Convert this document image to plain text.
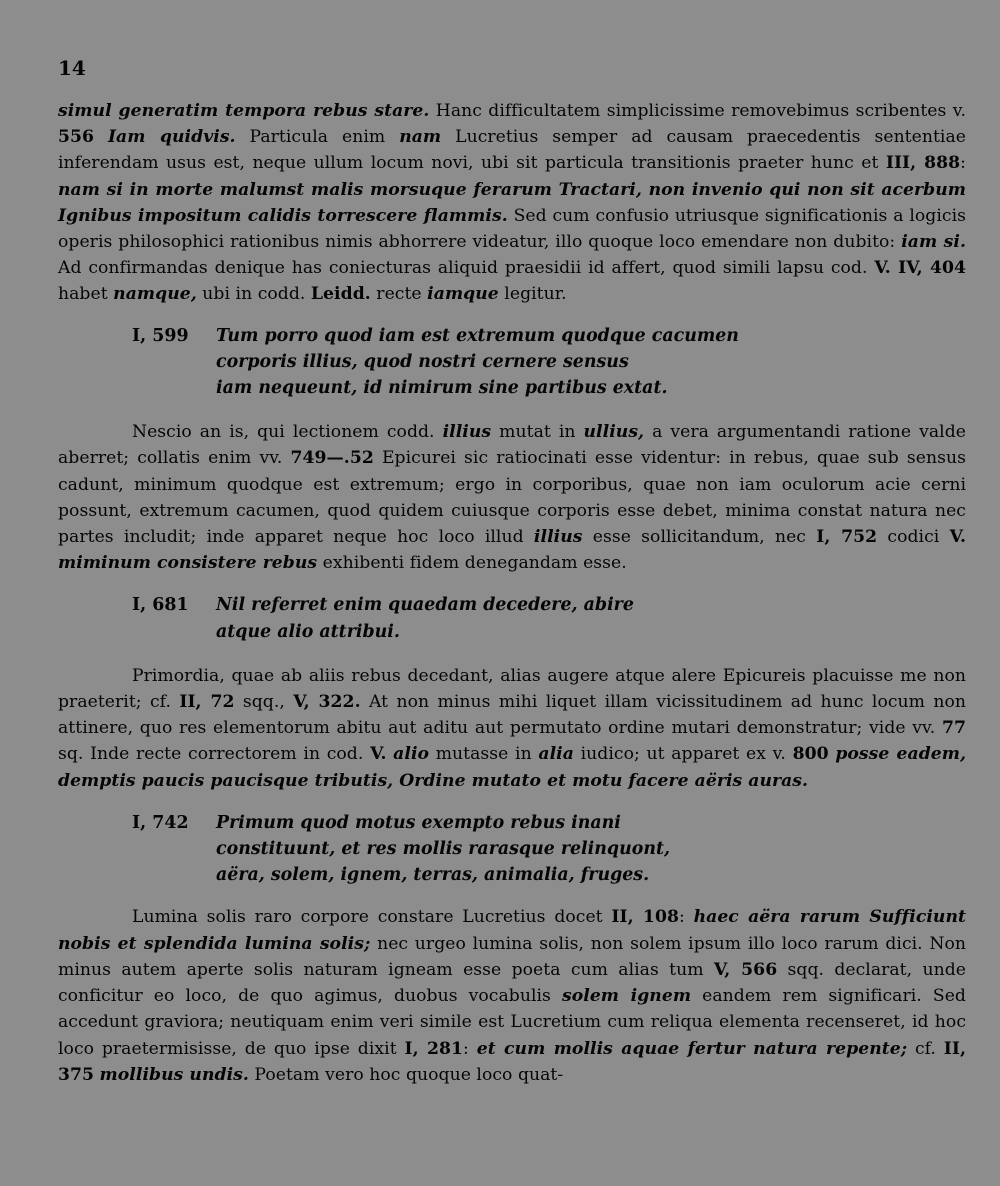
14

simul generatim tempora rebus stare. Hanc difficultatem simplicissime removebimus scribentes v. 556 Iam quidvis. Particula enim nam Lucretius semper ad causam praecedentis sententiae inferendam usus est, neque ullum locum novi, ubi sit particula transitionis praeter hunc et III, 888: nam si in morte malumst malis morsuque ferarum Tractari, non invenio qui non sit acerbum Ignibus impositum calidis torrescere flammis. Sed cum confusio utriusque significationis a logicis operis philosophici rationibus nimis abhorrere videatur, illo quoque loco emendare non dubito: iam si. Ad confirmandas denique has coniecturas aliquid praesidii id affert, quod simili lapsu cod. V. IV, 404 habet namque, ubi in codd. Leidd. recte iamque legitur.

I, 599 Tum porro quod iam est extremum quodque cacumen
corporis illius, quod nostri cernere sensus
iam nequeunt, id nimirum sine partibus extat.

Nescio an is, qui lectionem codd. illius mutat in ullius, a vera argumentandi ratione valde aberret; collatis enim vv. 749—.52 Epicurei sic ratiocinati esse videntur: in rebus, quae sub sensus cadunt, minimum quodque est extremum; ergo in corporibus, quae non iam oculorum acie cerni possunt, extremum cacumen, quod quidem cuiusque corporis esse debet, minima constat natura nec partes includit; inde apparet neque hoc loco illud illius esse sollicitandum, nec I, 752 codici V. miminum consistere rebus exhibenti fidem denegandam esse.

I, 681 Nil referret enim quaedam decedere, abire
atque alio attribui.

Primordia, quae ab aliis rebus decedant, alias augere atque alere Epicureis placuisse me non praeterit; cf. II, 72 sqq., V, 322. At non minus mihi liquet illam vicissitudinem ad hunc locum non attinere, quo res elementorum abitu aut aditu aut permutato ordine mutari demonstratur; vide vv. 77 sq. Inde recte correctorem in cod. V. alio mutasse in alia iudico; ut apparet ex v. 800 posse eadem, demptis paucis paucisque tributis, Ordine mutato et motu facere aëris auras.

I, 742 Primum quod motus exempto rebus inani
constituunt, et res mollis rarasque relinquont,
aëra, solem, ignem, terras, animalia, fruges.

Lumina solis raro corpore constare Lucretius docet II, 108: haec aëra rarum Sufficiunt nobis et splendida lumina solis; nec urgeo lumina solis, non solem ipsum illo loco rarum dici. Non minus autem aperte solis naturam igneam esse poeta cum alias tum V, 566 sqq. declarat, unde conficitur eo loco, de quo agimus, duobus vocabulis solem ignem eandem rem significari. Sed accedunt graviora; neutiquam enim veri simile est Lucretium cum reliqua elementa recenseret, id hoc loco praetermisisse, de quo ipse dixit I, 281: et cum mollis aquae fertur natura repente; cf. II, 375 mollibus undis. Poetam vero hoc quoque loco quat-
